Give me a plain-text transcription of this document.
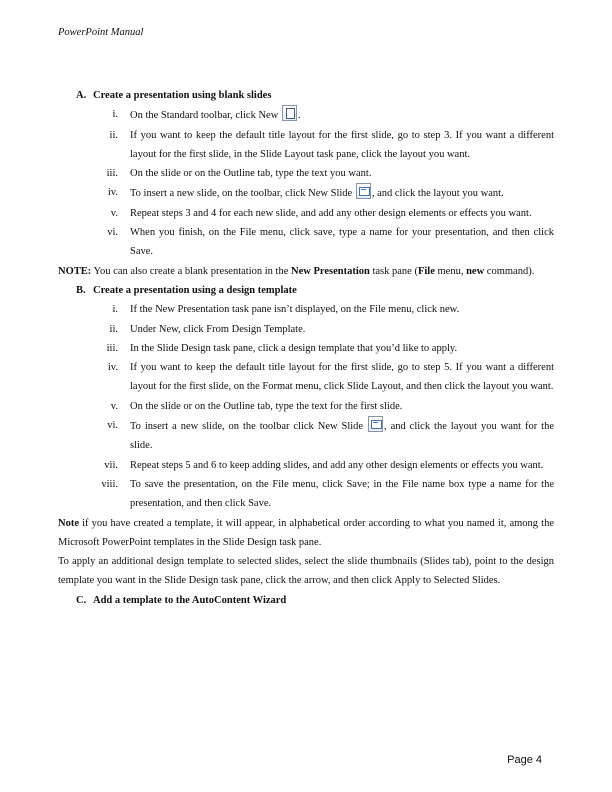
PowerPoint Manual
A. Create a presentation using blank slides
i.	On the Standard toolbar, click New .
ii.	If you want to keep the default title layout for the first slide, go to step 3. If you want a different layout for the first slide, in the Slide Layout task pane, click the layout you want.
iii.	On the slide or on the Outline tab, type the text you want.
iv.	To insert a new slide, on the toolbar, click New Slide , and click the layout you want.
v.	Repeat steps 3 and 4 for each new slide, and add any other design elements or effects you want.
vi.	When you finish, on the File menu, click save, type a name for your presentation, and then click Save.
NOTE: You can also create a blank presentation in the New Presentation task pane (File menu, new command).
B. Create a presentation using a design template
i.	If the New Presentation task pane isn’t displayed, on the File menu, click new.
ii.	Under New, click From Design Template.
iii.	In the Slide Design task pane, click a design template that you’d like to apply.
iv.	If you want to keep the default title layout for the first slide, go to step 5. If you want a different layout for the first slide, on the Format menu, click Slide Layout, and then click the layout you want.
v.	On the slide or on the Outline tab, type the text for the first slide.
vi.	To insert a new slide, on the toolbar click New Slide , and click the layout you want for the slide.
vii.	Repeat steps 5 and 6 to keep adding slides, and add any other design elements or effects you want.
viii.	To save the presentation, on the File menu, click Save; in the File name box type a name for the presentation, and then click Save.
Note if you have created a template, it will appear, in alphabetical order according to what you named it, among the Microsoft PowerPoint templates in the Slide Design task pane.
To apply an additional design template to selected slides, select the slide thumbnails (Slides tab), point to the design template you want in the Slide Design task pane, click the arrow, and then click Apply to Selected Slides.
C. Add a template to the AutoContent Wizard
Page 4
